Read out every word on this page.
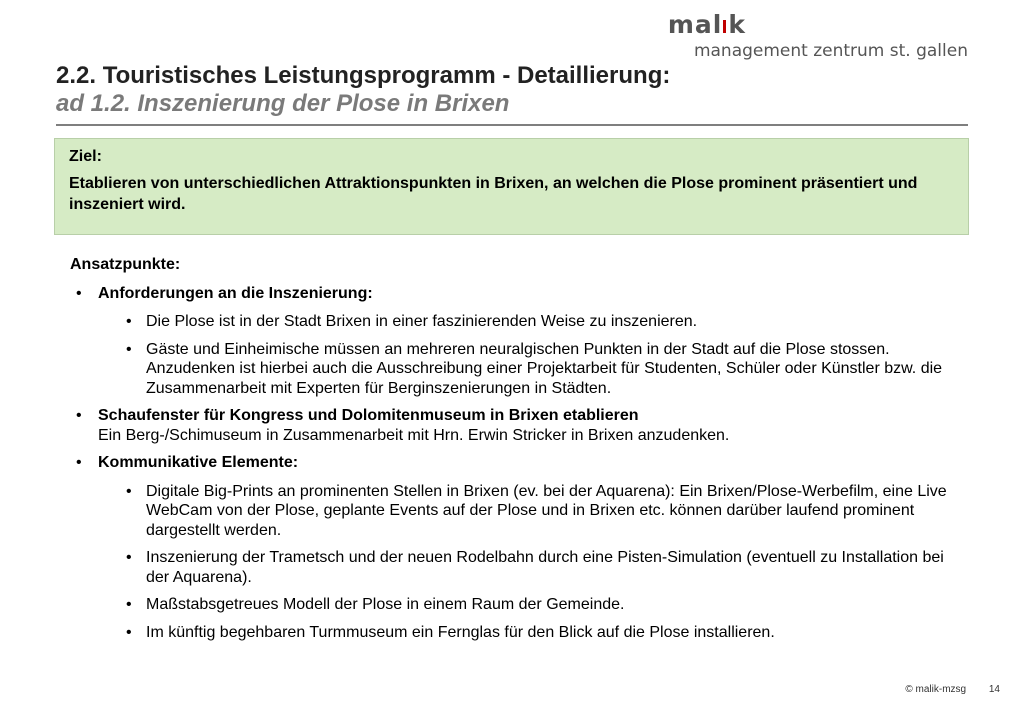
mal k
management zentrum st. gallen
2.2. Touristisches Leistungsprogramm - Detaillierung:
ad 1.2. Inszenierung der Plose in Brixen
Ziel:
Etablieren von unterschiedlichen Attraktionspunkten in Brixen, an welchen die Plose prominent präsentiert und inszeniert wird.
Ansatzpunkte:
• Anforderungen an die Inszenierung:
• Die Plose ist in der Stadt Brixen in einer faszinierenden Weise zu inszenieren.
• Gäste und Einheimische müssen an mehreren neuralgischen Punkten in der Stadt auf die Plose stossen. Anzudenken ist hierbei auch die Ausschreibung einer Projektarbeit für Studenten, Schüler oder Künstler bzw. die Zusammenarbeit mit Experten für Berginszenierungen in Städten.
• Schaufenster für Kongress und Dolomitenmuseum in Brixen etablieren
Ein Berg-/Schimuseum in Zusammenarbeit mit Hrn. Erwin Stricker in Brixen anzudenken.
• Kommunikative Elemente:
• Digitale Big-Prints an prominenten Stellen in Brixen (ev. bei der Aquarena): Ein Brixen/Plose-Werbefilm, eine Live WebCam von der Plose, geplante Events auf der Plose und in Brixen etc. können darüber laufend prominent dargestellt werden.
• Inszenierung der Trametsch und der neuen Rodelbahn durch eine Pisten-Simulation (eventuell zu Installation bei der Aquarena).
• Maßstabsgetreues Modell der Plose in einem Raum der Gemeinde.
• Im künftig begehbaren Turmmuseum ein Fernglas für den Blick auf die Plose installieren.
© malik-mzsg 14
